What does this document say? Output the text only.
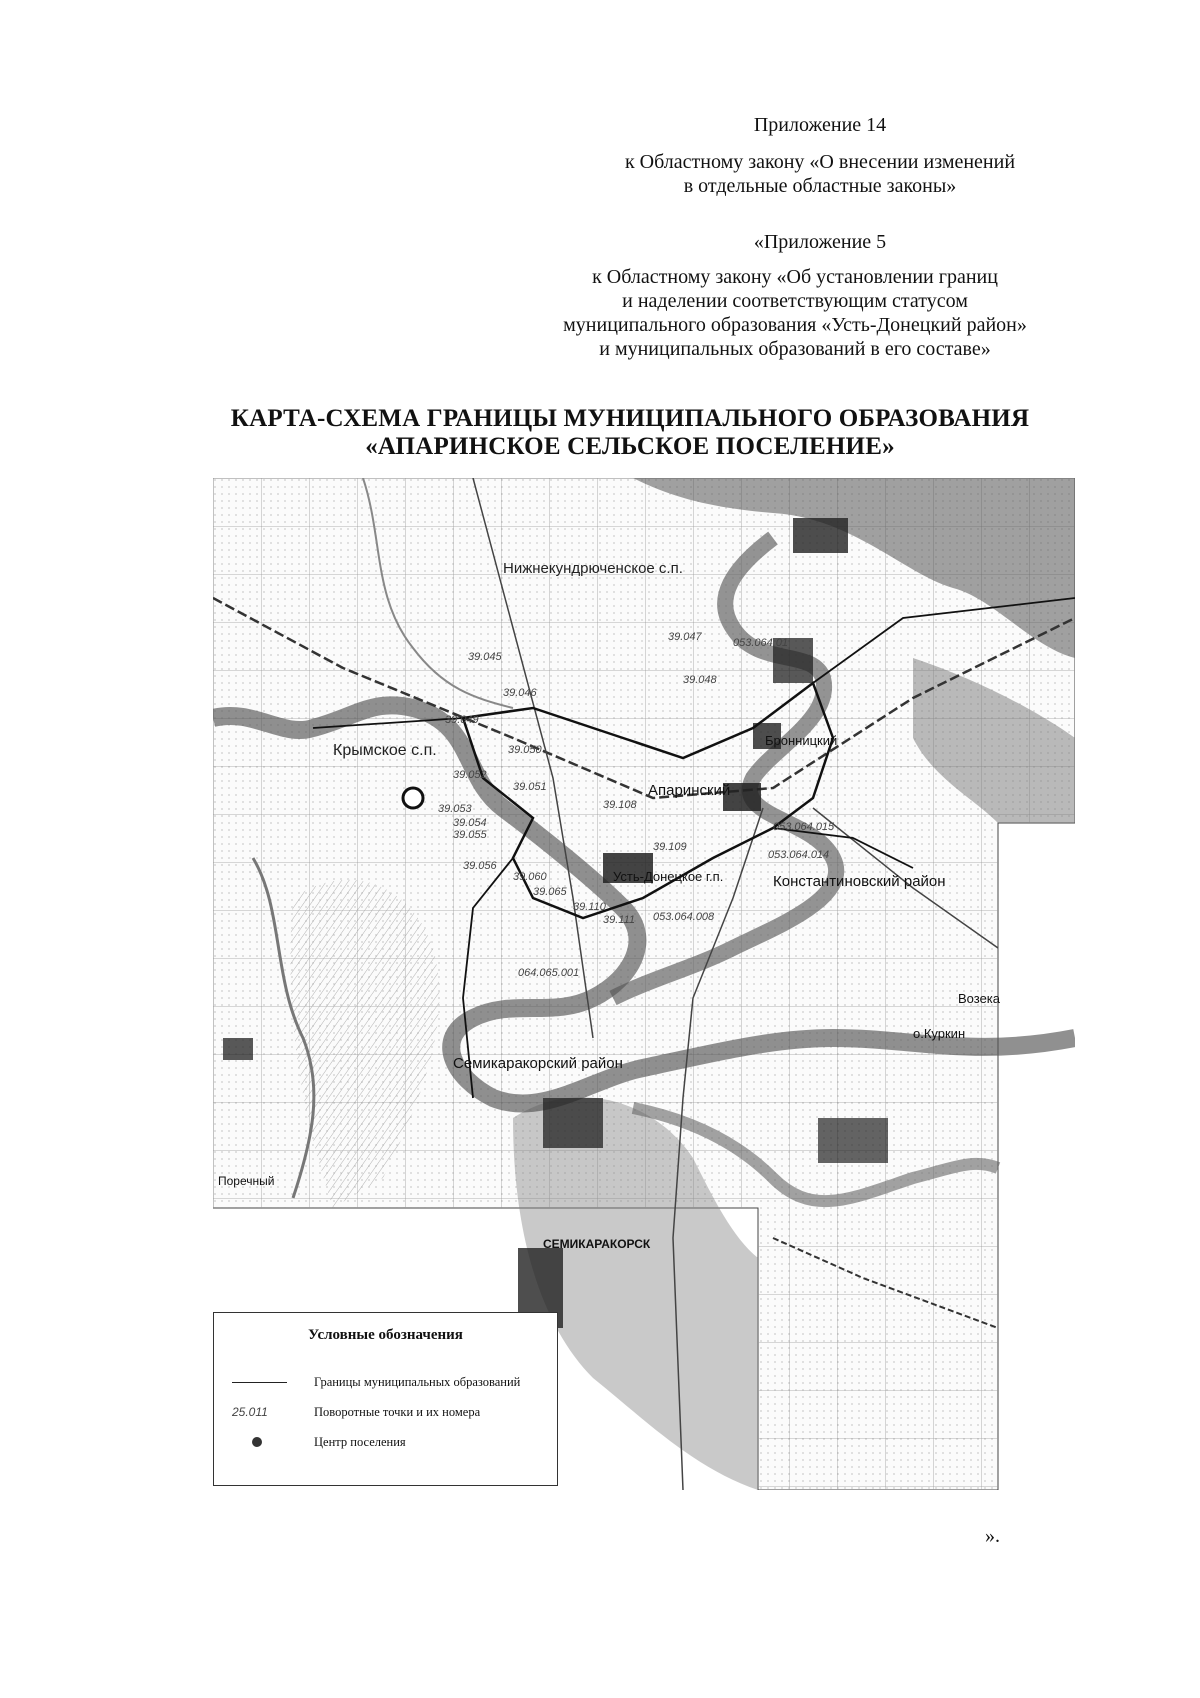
Приложение 14
к Областному закону «О внесении изменений
в отдельные областные законы»
«Приложение 5
к Областному закону «Об установлении границ
и наделении соответствующим статусом
муниципального образования «Усть-Донецкий район»
и муниципальных образований в его составе»
КАРТА-СХЕМА ГРАНИЦЫ МУНИЦИПАЛЬНОГО ОБРАЗОВАНИЯ
«АПАРИНСКОЕ СЕЛЬСКОЕ ПОСЕЛЕНИЕ»
Нижнекундрюченское с.п.
Крымское с.п.
Бронницкий
Апаринский
Усть-Донецкое г.п.	Константиновский район
Семикаракорский район
СЕМИКАРАКОРСК
Возека
о.Куркин
Поречный
39.047	053.064.01
39.045
39.048
39.046
39.049
39.050
39.052
39.051
39.053
39.054
39.055
39.056
39.108
39.109
053.064.014
053.064.015
39.060
39.065
39.110
39.111 053.064.008
064.065.001
Условные обозначения
Границы муниципальных образований
25.011	Поворотные точки и их номера
Центр поселения
».
